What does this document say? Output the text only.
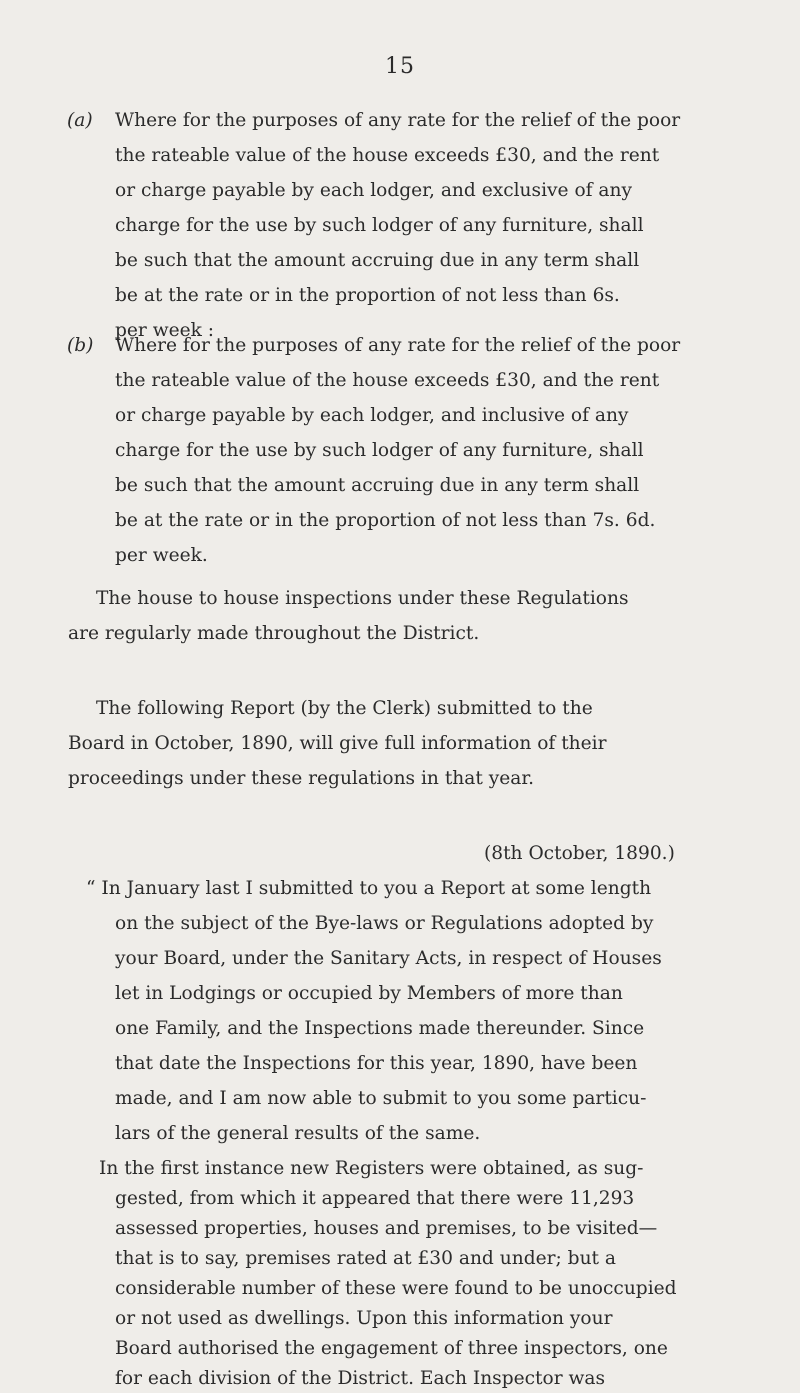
15
(a) Where for the purposes of any rate for the relief of the poor
the rateable value of the house exceeds £30, and the rent
or charge payable by each lodger, and exclusive of any
charge for the use by such lodger of any furniture, shall
be such that the amount accruing due in any term shall
be at the rate or in the proportion of not less than 6s.
per week :
(b) Where for the purposes of any rate for the relief of the poor
the rateable value of the house exceeds £30, and the rent
or charge payable by each lodger, and inclusive of any
charge for the use by such lodger of any furniture, shall
be such that the amount accruing due in any term shall
be at the rate or in the proportion of not less than 7s. 6d.
per week.
The house to house inspections under these Regulations
are regularly made throughout the District.
The following Report (by the Clerk) submitted to the
Board in October, 1890, will give full information of their
proceedings under these regulations in that year.
(8th October, 1890.)
“ In January last I submitted to you a Report at some length
on the subject of the Bye-laws or Regulations adopted by
your Board, under the Sanitary Acts, in respect of Houses
let in Lodgings or occupied by Members of more than
one Family, and the Inspections made thereunder. Since
that date the Inspections for this year, 1890, have been
made, and I am now able to submit to you some particu-
lars of the general results of the same.
In the first instance new Registers were obtained, as sug-
gested, from which it appeared that there were 11,293
assessed properties, houses and premises, to be visited—
that is to say, premises rated at £30 and under; but a
considerable number of these were found to be unoccupied
or not used as dwellings. Upon this information your
Board authorised the engagement of three inspectors, one
for each division of the District. Each Inspector was
